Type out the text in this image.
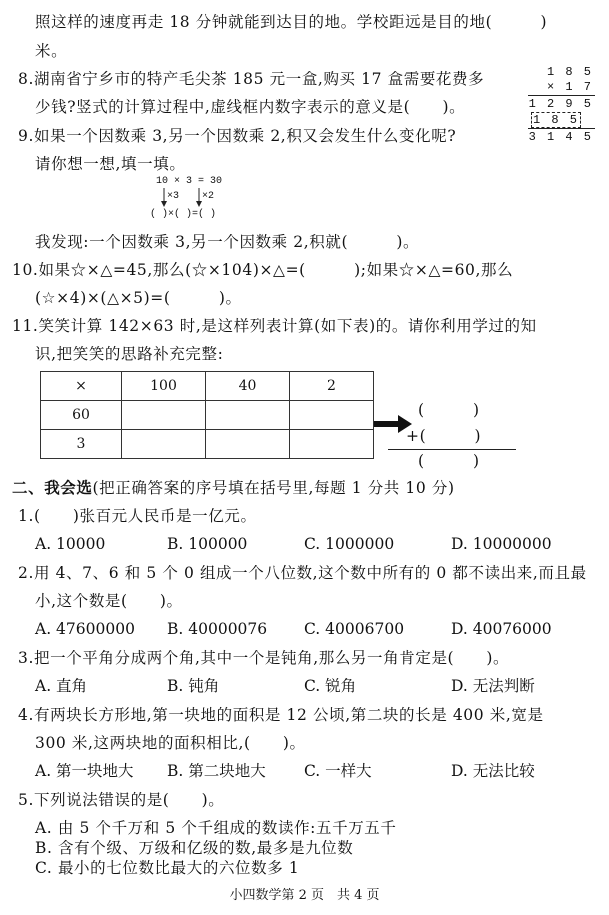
照这样的速度再走 18 分钟就能到达目的地。学校距远是目的地(　　　)
米。
8.湖南省宁乡市的特产毛尖茶 185 元一盒,购买 17 盒需要花费多
少钱?竖式的计算过程中,虚线框内数字表示的意义是(　　)。
1 8 5
× 1 7
1 2 9 5
1 8 5
3 1 4 5
9.如果一个因数乘 3,另一个因数乘 2,积又会发生什么变化呢?
请你想一想,填一填。
10 × 3 = 30
×3 ×2
( )×( )=( )
我发现:一个因数乘 3,另一个因数乘 2,积就(　　　)。
10.如果☆×△=45,那么(☆×104)×△=(　　　);如果☆×△=60,那么
(☆×4)×(△×5)=(　　　)。
11.笑笑计算 142×63 时,是这样列表计算(如下表)的。请你利用学过的知
识,把笑笑的思路补充完整:
×	100	40	2
60			
3			
(　　　)
+(　　　)
(　　　)
二、我会选(把正确答案的序号填在括号里,每题 1 分共 10 分)
1.(　　)张百元人民币是一亿元。
A. 10000	B. 100000	C. 1000000	D. 10000000
2.用 4、7、6 和 5 个 0 组成一个八位数,这个数中所有的 0 都不读出来,而且最
小,这个数是(　　)。
A. 47600000 B. 40000076 C. 40006700	D. 40076000
3.把一个平角分成两个角,其中一个是钝角,那么另一角肯定是(　　)。
A. 直角	B. 钝角	C. 锐角	D. 无法判断
4.有两块长方形地,第一块地的面积是 12 公顷,第二块的长是 400 米,宽是
300 米,这两块地的面积相比,(　　)。
A. 第一块地大 B. 第二块地大 C. 一样大	D. 无法比较
5.下列说法错误的是(　　)。
A. 由 5 个千万和 5 个千组成的数读作:五千万五千
B. 含有个级、万级和亿级的数,最多是九位数
C. 最小的七位数比最大的六位数多 1
小四数学第 2 页　共 4 页
